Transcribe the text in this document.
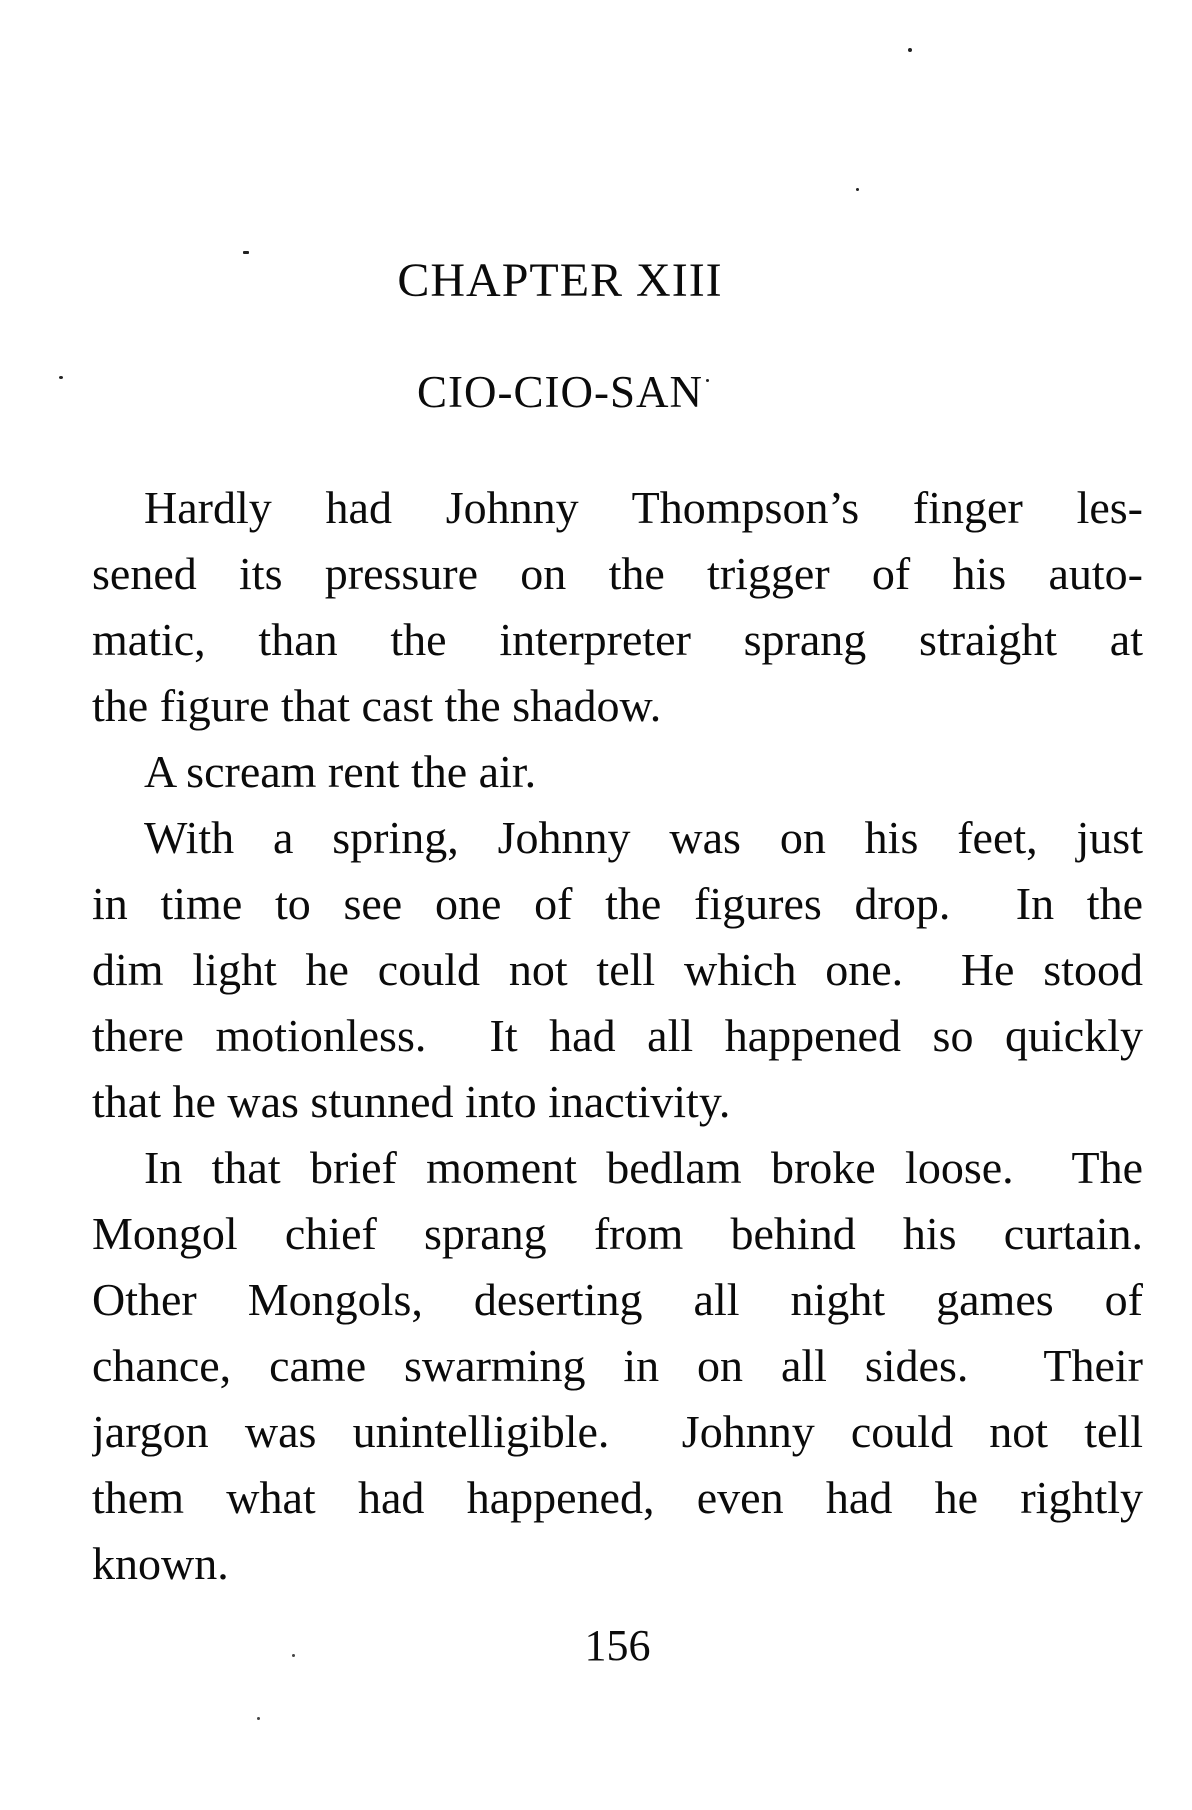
CHAPTER XIII
CIO-CIO-SAN
Hardly had Johnny Thompson’s finger les-
sened its pressure on the trigger of his auto-
matic, than the interpreter sprang straight at
the figure that cast the shadow.
A scream rent the air.
With a spring, Johnny was on his feet, just
in time to see one of the figures drop.  In the
dim light he could not tell which one.  He stood
there motionless.  It had all happened so quickly
that he was stunned into inactivity.
In that brief moment bedlam broke loose.  The
Mongol chief sprang from behind his curtain.
Other Mongols, deserting all night games of
chance, came swarming in on all sides.  Their
jargon was unintelligible.  Johnny could not tell
them what had happened, even had he rightly
known.
156
